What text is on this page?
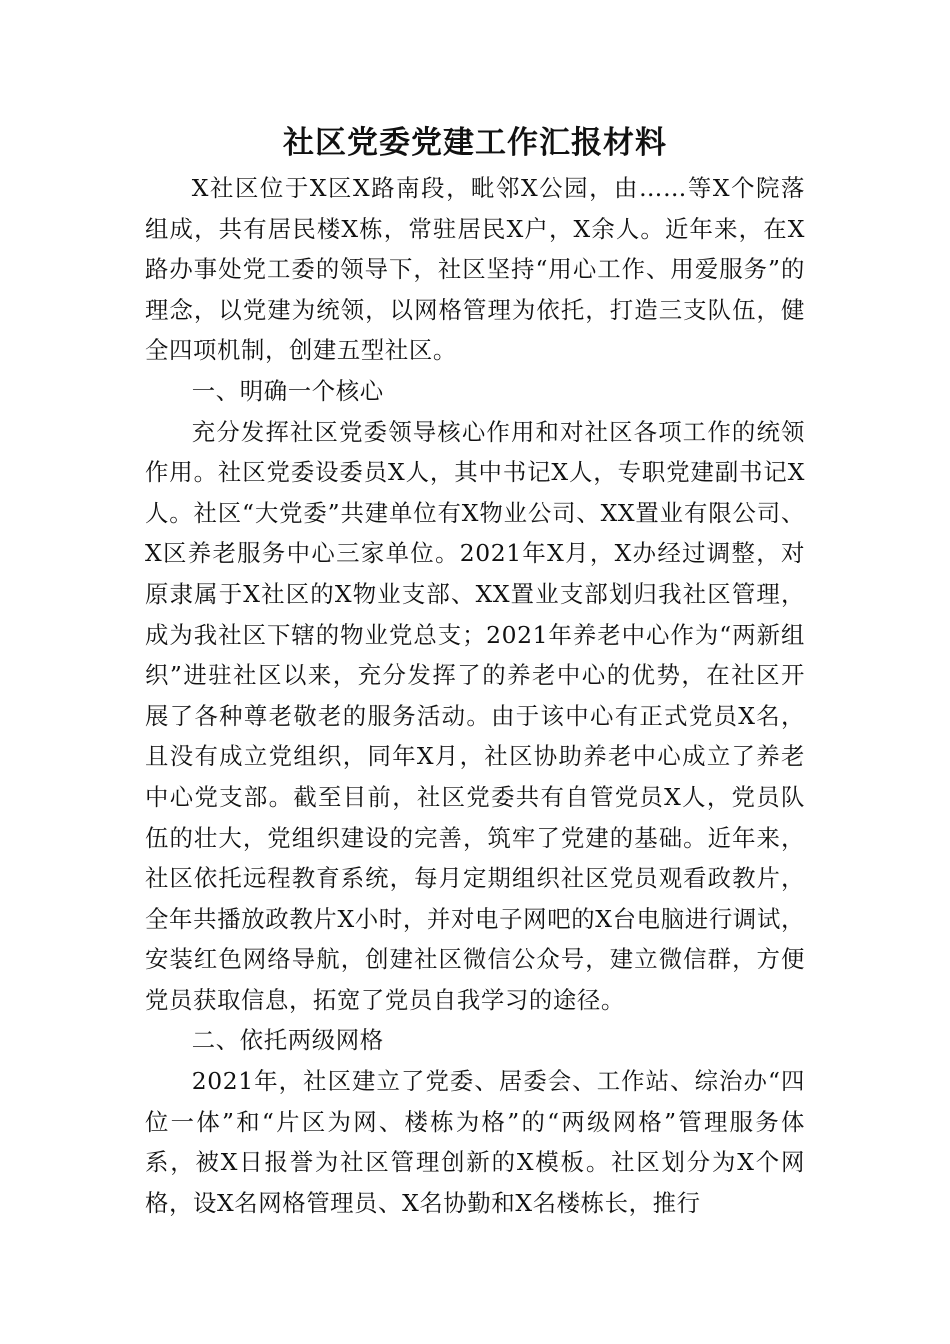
社区党委党建工作汇报材料

X社区位于X区X路南段，毗邻X公园，由……等X个院落组成，共有居民楼X栋，常驻居民X户，X余人。近年来，在X路办事处党工委的领导下，社区坚持“用心工作、用爱服务”的理念，以党建为统领，以网格管理为依托，打造三支队伍，健全四项机制，创建五型社区。

一、明确一个核心

充分发挥社区党委领导核心作用和对社区各项工作的统领作用。社区党委设委员X人，其中书记X人，专职党建副书记X人。社区“大党委”共建单位有X物业公司、XX置业有限公司、X区养老服务中心三家单位。2021年X月，X办经过调整，对原隶属于X社区的X物业支部、XX置业支部划归我社区管理，成为我社区下辖的物业党总支；2021年养老中心作为“两新组织”进驻社区以来，充分发挥了的养老中心的优势，在社区开展了各种尊老敬老的服务活动。由于该中心有正式党员X名，且没有成立党组织，同年X月，社区协助养老中心成立了养老中心党支部。截至目前，社区党委共有自管党员X人，党员队伍的壮大，党组织建设的完善，筑牢了党建的基础。近年来，社区依托远程教育系统，每月定期组织社区党员观看政教片，全年共播放政教片X小时，并对电子网吧的X台电脑进行调试，安装红色网络导航，创建社区微信公众号，建立微信群，方便党员获取信息，拓宽了党员自我学习的途径。

二、依托两级网格

2021年，社区建立了党委、居委会、工作站、综治办“四位一体”和“片区为网、楼栋为格”的“两级网格”管理服务体系，被X日报誉为社区管理创新的X模板。社区划分为X个网格，设X名网格管理员、X名协勤和X名楼栋长，推行
